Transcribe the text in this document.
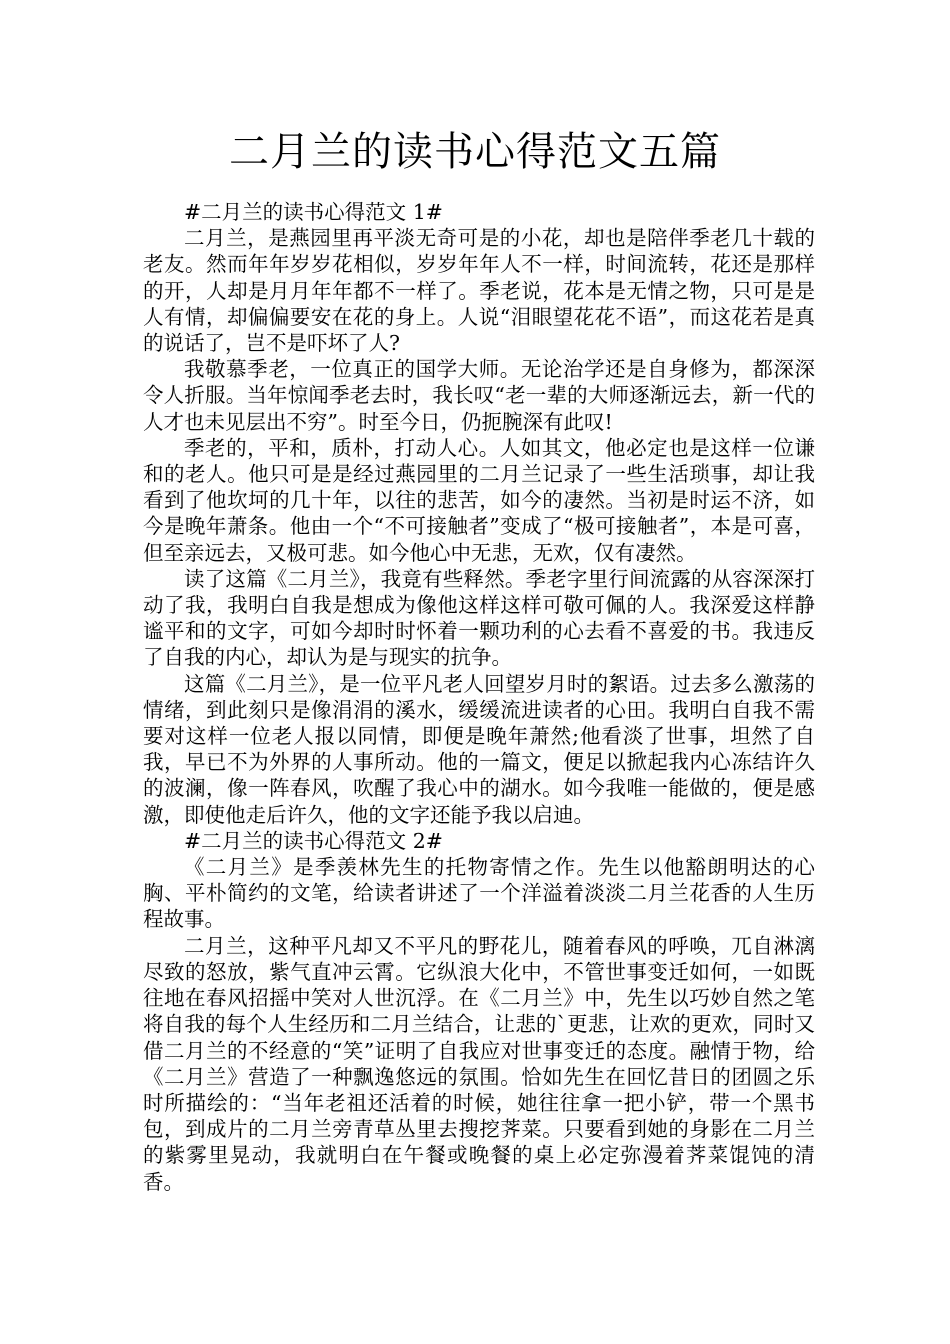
二月兰的读书心得范文五篇

#二月兰的读书心得范文 1#

二月兰，是燕园里再平淡无奇可是的小花，却也是陪伴季老几十载的老友。然而年年岁岁花相似，岁岁年年人不一样，时间流转，花还是那样的开，人却是月月年年都不一样了。季老说，花本是无情之物，只可是是人有情，却偏偏要安在花的身上。人说“泪眼望花花不语”，而这花若是真的说话了，岂不是吓坏了人?

我敬慕季老，一位真正的国学大师。无论治学还是自身修为，都深深令人折服。当年惊闻季老去时，我长叹“老一辈的大师逐渐远去，新一代的人才也未见层出不穷”。时至今日，仍扼腕深有此叹!

季老的，平和，质朴，打动人心。人如其文，他必定也是这样一位谦和的老人。他只可是是经过燕园里的二月兰记录了一些生活琐事，却让我看到了他坎坷的几十年，以往的悲苦，如今的凄然。当初是时运不济，如今是晚年萧条。他由一个“不可接触者”变成了“极可接触者”，本是可喜，但至亲远去，又极可悲。如今他心中无悲，无欢，仅有凄然。

读了这篇《二月兰》，我竟有些释然。季老字里行间流露的从容深深打动了我，我明白自我是想成为像他这样这样可敬可佩的人。我深爱这样静谧平和的文字，可如今却时时怀着一颗功利的心去看不喜爱的书。我违反了自我的内心，却认为是与现实的抗争。

这篇《二月兰》，是一位平凡老人回望岁月时的絮语。过去多么激荡的情绪，到此刻只是像涓涓的溪水，缓缓流进读者的心田。我明白自我不需要对这样一位老人报以同情，即便是晚年萧然;他看淡了世事，坦然了自我，早已不为外界的人事所动。他的一篇文，便足以掀起我内心冻结许久的波澜，像一阵春风，吹醒了我心中的湖水。如今我唯一能做的，便是感激，即使他走后许久，他的文字还能予我以启迪。

#二月兰的读书心得范文 2#

《二月兰》是季羡林先生的托物寄情之作。先生以他豁朗明达的心胸、平朴简约的文笔，给读者讲述了一个洋溢着淡淡二月兰花香的人生历程故事。

二月兰，这种平凡却又不平凡的野花儿，随着春风的呼唤，兀自淋漓尽致的怒放，紫气直冲云霄。它纵浪大化中，不管世事变迁如何，一如既往地在春风招摇中笑对人世沉浮。在《二月兰》中，先生以巧妙自然之笔将自我的每个人生经历和二月兰结合，让悲的`更悲，让欢的更欢，同时又借二月兰的不经意的“笑”证明了自我应对世事变迁的态度。融情于物，给《二月兰》营造了一种飘逸悠远的氛围。恰如先生在回忆昔日的团圆之乐时所描绘的：“当年老祖还活着的时候，她往往拿一把小铲，带一个黑书包，到成片的二月兰旁青草丛里去搜挖荠菜。只要看到她的身影在二月兰的紫雾里晃动，我就明白在午餐或晚餐的桌上必定弥漫着荠菜馄饨的清香。
